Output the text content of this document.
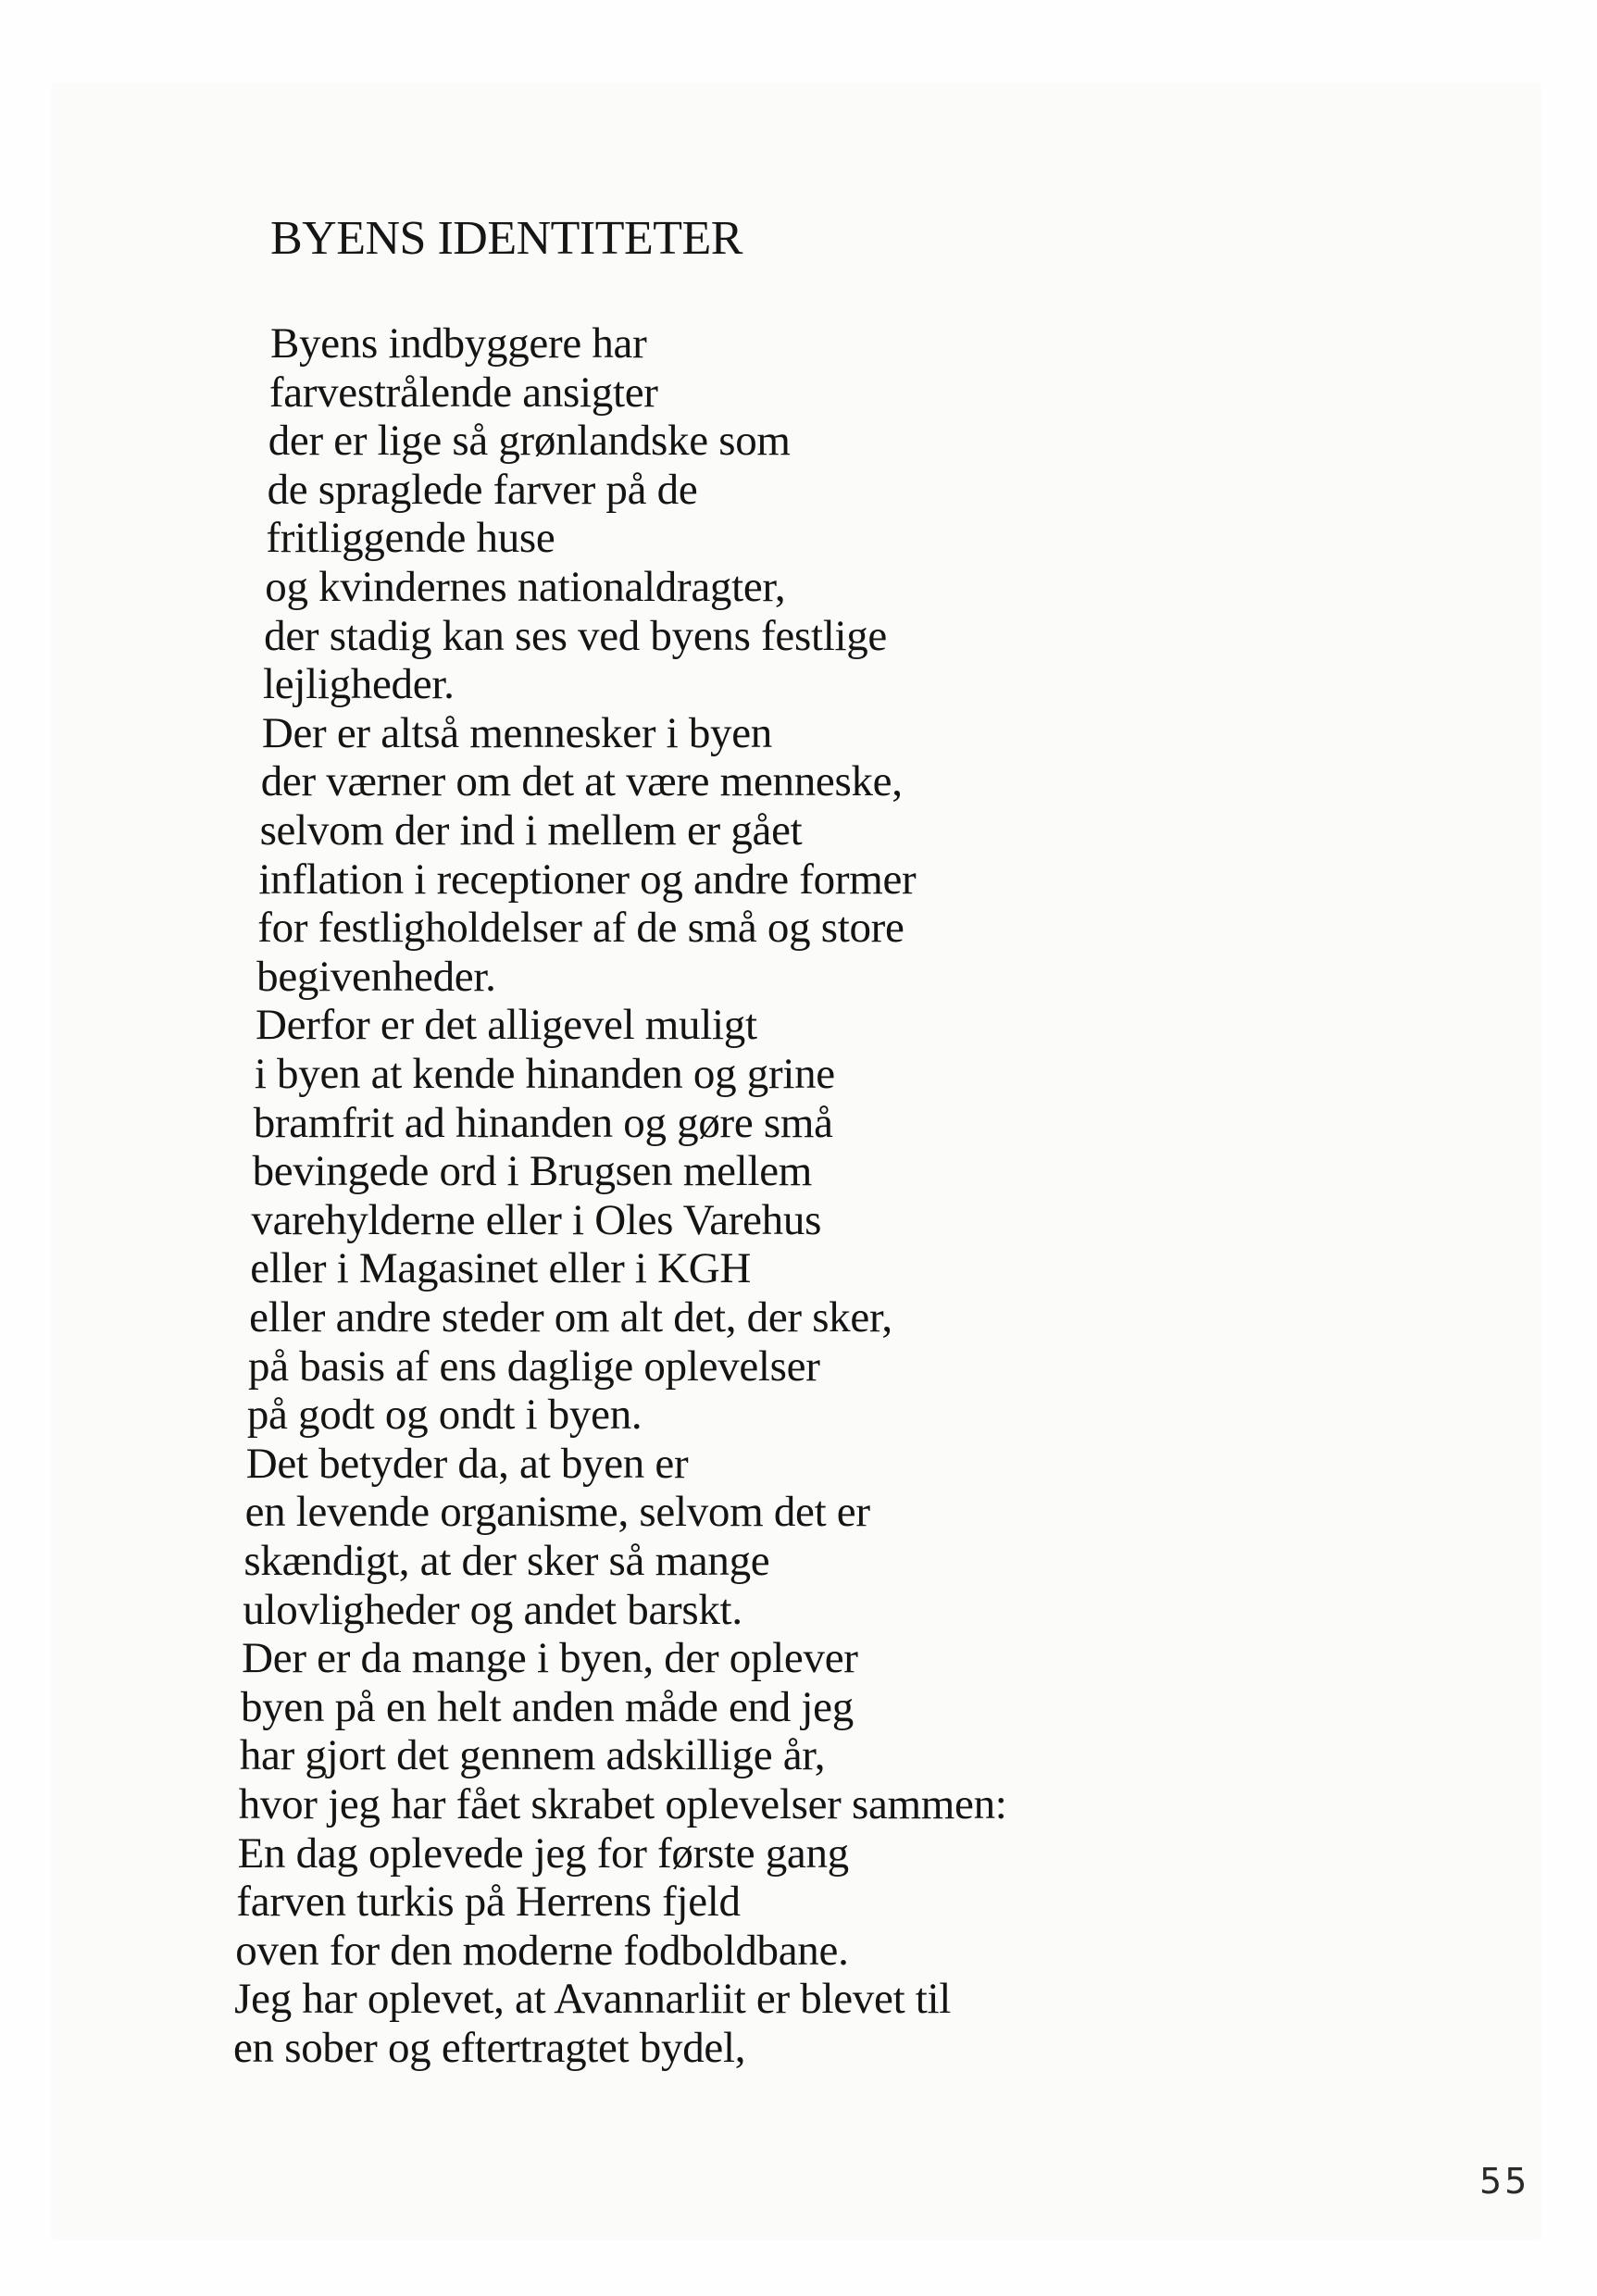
BYENS IDENTITETER
Byens indbyggere har
farvestrålende ansigter
der er lige så grønlandske som
de spraglede farver på de
fritliggende huse
og kvindernes nationaldragter,
der stadig kan ses ved byens festlige
lejligheder.
Der er altså mennesker i byen
der værner om det at være menneske,
selvom der ind i mellem er gået
inflation i receptioner og andre former
for festligholdelser af de små og store
begivenheder.
Derfor er det alligevel muligt
i byen at kende hinanden og grine
bramfrit ad hinanden og gøre små
bevingede ord i Brugsen mellem
varehylderne eller i Oles Varehus
eller i Magasinet eller i KGH
eller andre steder om alt det, der sker,
på basis af ens daglige oplevelser
på godt og ondt i byen.
Det betyder da, at byen er
en levende organisme, selvom det er
skændigt, at der sker så mange
ulovligheder og andet barskt.
Der er da mange i byen, der oplever
byen på en helt anden måde end jeg
har gjort det gennem adskillige år,
hvor jeg har fået skrabet oplevelser sammen:
En dag oplevede jeg for første gang
farven turkis på Herrens fjeld
oven for den moderne fodboldbane.
Jeg har oplevet, at Avannarliit er blevet til
en sober og eftertragtet bydel,
55
